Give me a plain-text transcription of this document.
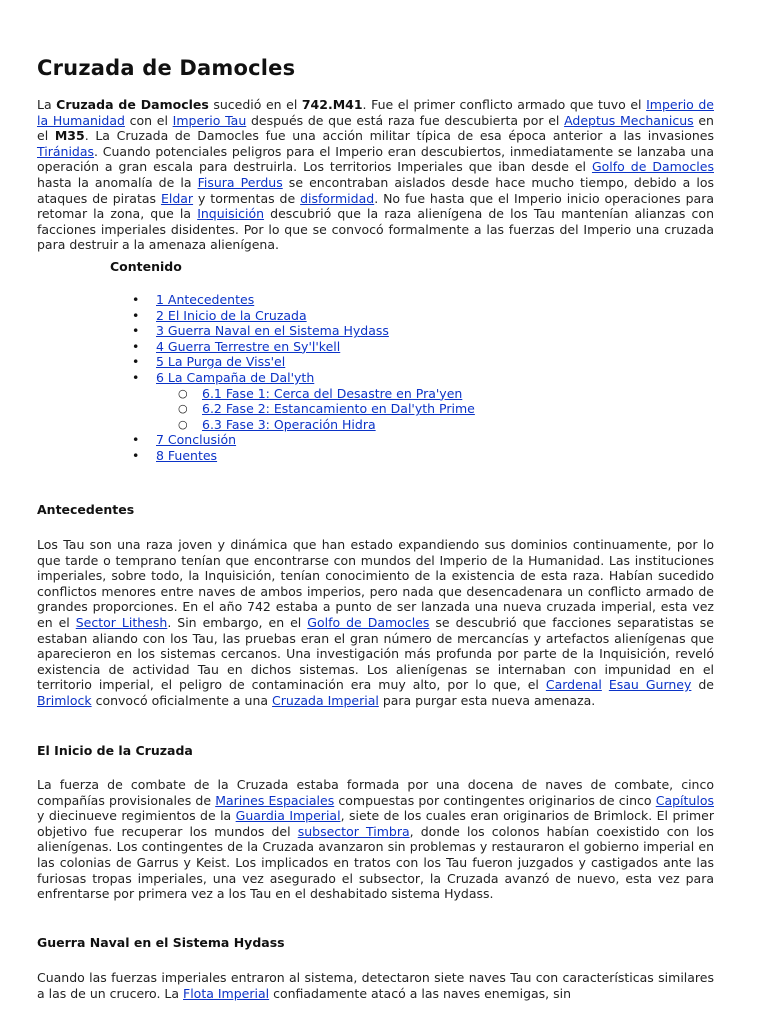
Cruzada de Damocles

La Cruzada de Damocles sucedió en el 742.M41. Fue el primer conflicto armado que tuvo el Imperio de la Humanidad con el Imperio Tau después de que está raza fue descubierta por el Adeptus Mechanicus en el M35. La Cruzada de Damocles fue una acción militar típica de esa época anterior a las invasiones Tiránidas. Cuando potenciales peligros para el Imperio eran descubiertos, inmediatamente se lanzaba una operación a gran escala para destruirla. Los territorios Imperiales que iban desde el Golfo de Damocles hasta la anomalía de la Fisura Perdus se encontraban aislados desde hace mucho tiempo, debido a los ataques de piratas Eldar y tormentas de disformidad. No fue hasta que el Imperio inicio operaciones para retomar la zona, que la Inquisición descubrió que la raza alienígena de los Tau mantenían alianzas con facciones imperiales disidentes. Por lo que se convocó formalmente a las fuerzas del Imperio una cruzada para destruir a la amenaza alienígena.

Contenido
• 1 Antecedentes
• 2 El Inicio de la Cruzada
• 3 Guerra Naval en el Sistema Hydass
• 4 Guerra Terrestre en Sy'l'kell
• 5 La Purga de Viss'el
• 6 La Campaña de Dal'yth
○ 6.1 Fase 1: Cerca del Desastre en Pra'yen
○ 6.2 Fase 2: Estancamiento en Dal'yth Prime
○ 6.3 Fase 3: Operación Hidra
• 7 Conclusión
• 8 Fuentes
Antecedentes

Los Tau son una raza joven y dinámica que han estado expandiendo sus dominios continuamente, por lo que tarde o temprano tenían que encontrarse con mundos del Imperio de la Humanidad. Las instituciones imperiales, sobre todo, la Inquisición, tenían conocimiento de la existencia de esta raza. Habían sucedido conflictos menores entre naves de ambos imperios, pero nada que desencadenara un conflicto armado de grandes proporciones. En el año 742 estaba a punto de ser lanzada una nueva cruzada imperial, esta vez en el Sector Lithesh. Sin embargo, en el Golfo de Damocles se descubrió que facciones separatistas se estaban aliando con los Tau, las pruebas eran el gran número de mercancías y artefactos alienígenas que aparecieron en los sistemas cercanos. Una investigación más profunda por parte de la Inquisición, reveló existencia de actividad Tau en dichos sistemas. Los alienígenas se internaban con impunidad en el territorio imperial, el peligro de contaminación era muy alto, por lo que, el Cardenal Esau Gurney de Brimlock convocó oficialmente a una Cruzada Imperial para purgar esta nueva amenaza.

El Inicio de la Cruzada

La fuerza de combate de la Cruzada estaba formada por una docena de naves de combate, cinco compañías provisionales de Marines Espaciales compuestas por contingentes originarios de cinco Capítulos y diecinueve regimientos de la Guardia Imperial, siete de los cuales eran originarios de Brimlock. El primer objetivo fue recuperar los mundos del subsector Timbra, donde los colonos habían coexistido con los alienígenas. Los contingentes de la Cruzada avanzaron sin problemas y restauraron el gobierno imperial en las colonias de Garrus y Keist. Los implicados en tratos con los Tau fueron juzgados y castigados ante las furiosas tropas imperiales, una vez asegurado el subsector, la Cruzada avanzó de nuevo, esta vez para enfrentarse por primera vez a los Tau en el deshabitado sistema Hydass.

Guerra Naval en el Sistema Hydass

Cuando las fuerzas imperiales entraron al sistema, detectaron siete naves Tau con características similares a las de un crucero. La Flota Imperial confiadamente atacó a las naves enemigas, sin
